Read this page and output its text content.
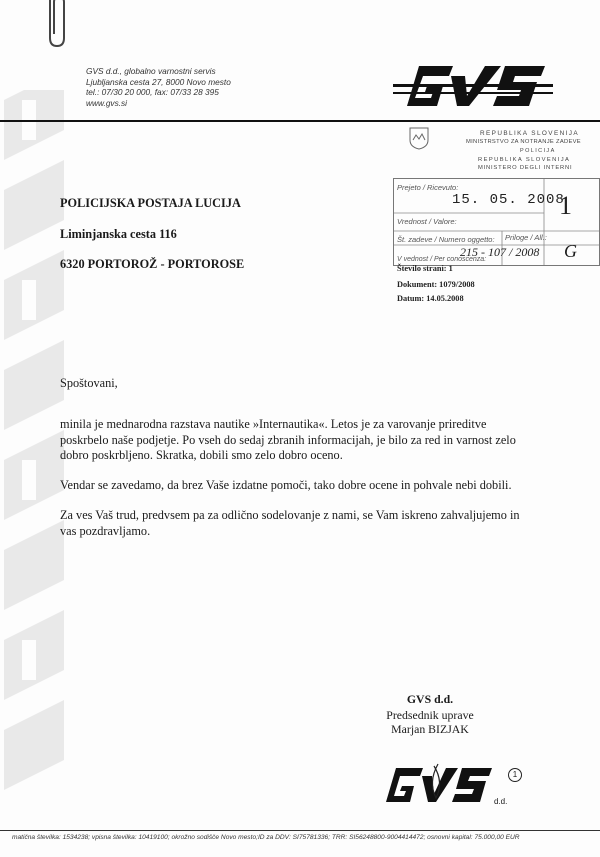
GVS d.d., globalno varnostni servis
Ljubljanska cesta 27, 8000 Novo mesto
tel.: 07/30 20 000, fax: 07/33 28 395
www.gvs.si
POLICIJSKA POSTAJA LUCIJA
Liminjanska cesta 116
6320 PORTOROŽ - PORTOROSE
REPUBLIKA SLOVENIJA
MINISTRSTVO ZA NOTRANJE ZADEVE
POLICIJA
REPUBLIKA SLOVENIJA
MINISTERO DEGLI INTERNI
Prejeto / Ricevuto:
15. 05. 2008
1
Vrednost / Valore:
Priloge / All.:
Št. zadeve / Numero oggetto:
215 - 107 / 2008 G
V vednost / Per conoscenza:
Število strani: 1
Dokument: 1079/2008
Datum: 14.05.2008
Spoštovani,
minila je mednarodna razstava nautike »Internautika«. Letos je za varovanje prireditve
poskrbelo naše podjetje. Po vseh do sedaj zbranih informacijah, je bilo za red in varnost zelo
dobro poskrbljeno. Skratka, dobili smo zelo dobro oceno.
Vendar se zavedamo, da brez Vaše izdatne pomoči, tako dobre ocene in pohvale nebi dobili.
Za ves Vaš trud, predvsem pa za odlično sodelovanje z nami, se Vam iskreno zahvaljujemo in
vas pozdravljamo.
GVS d.d.
Predsednik uprave
Marjan BIZJAK
d.d.
1
matična številka: 1534238; vpisna številka: 10419100; okrožno sodišče Novo mesto;ID za DDV: SI75781336; TRR: SI56248800-9004414472; osnovni kapital: 75.000,00 EUR
